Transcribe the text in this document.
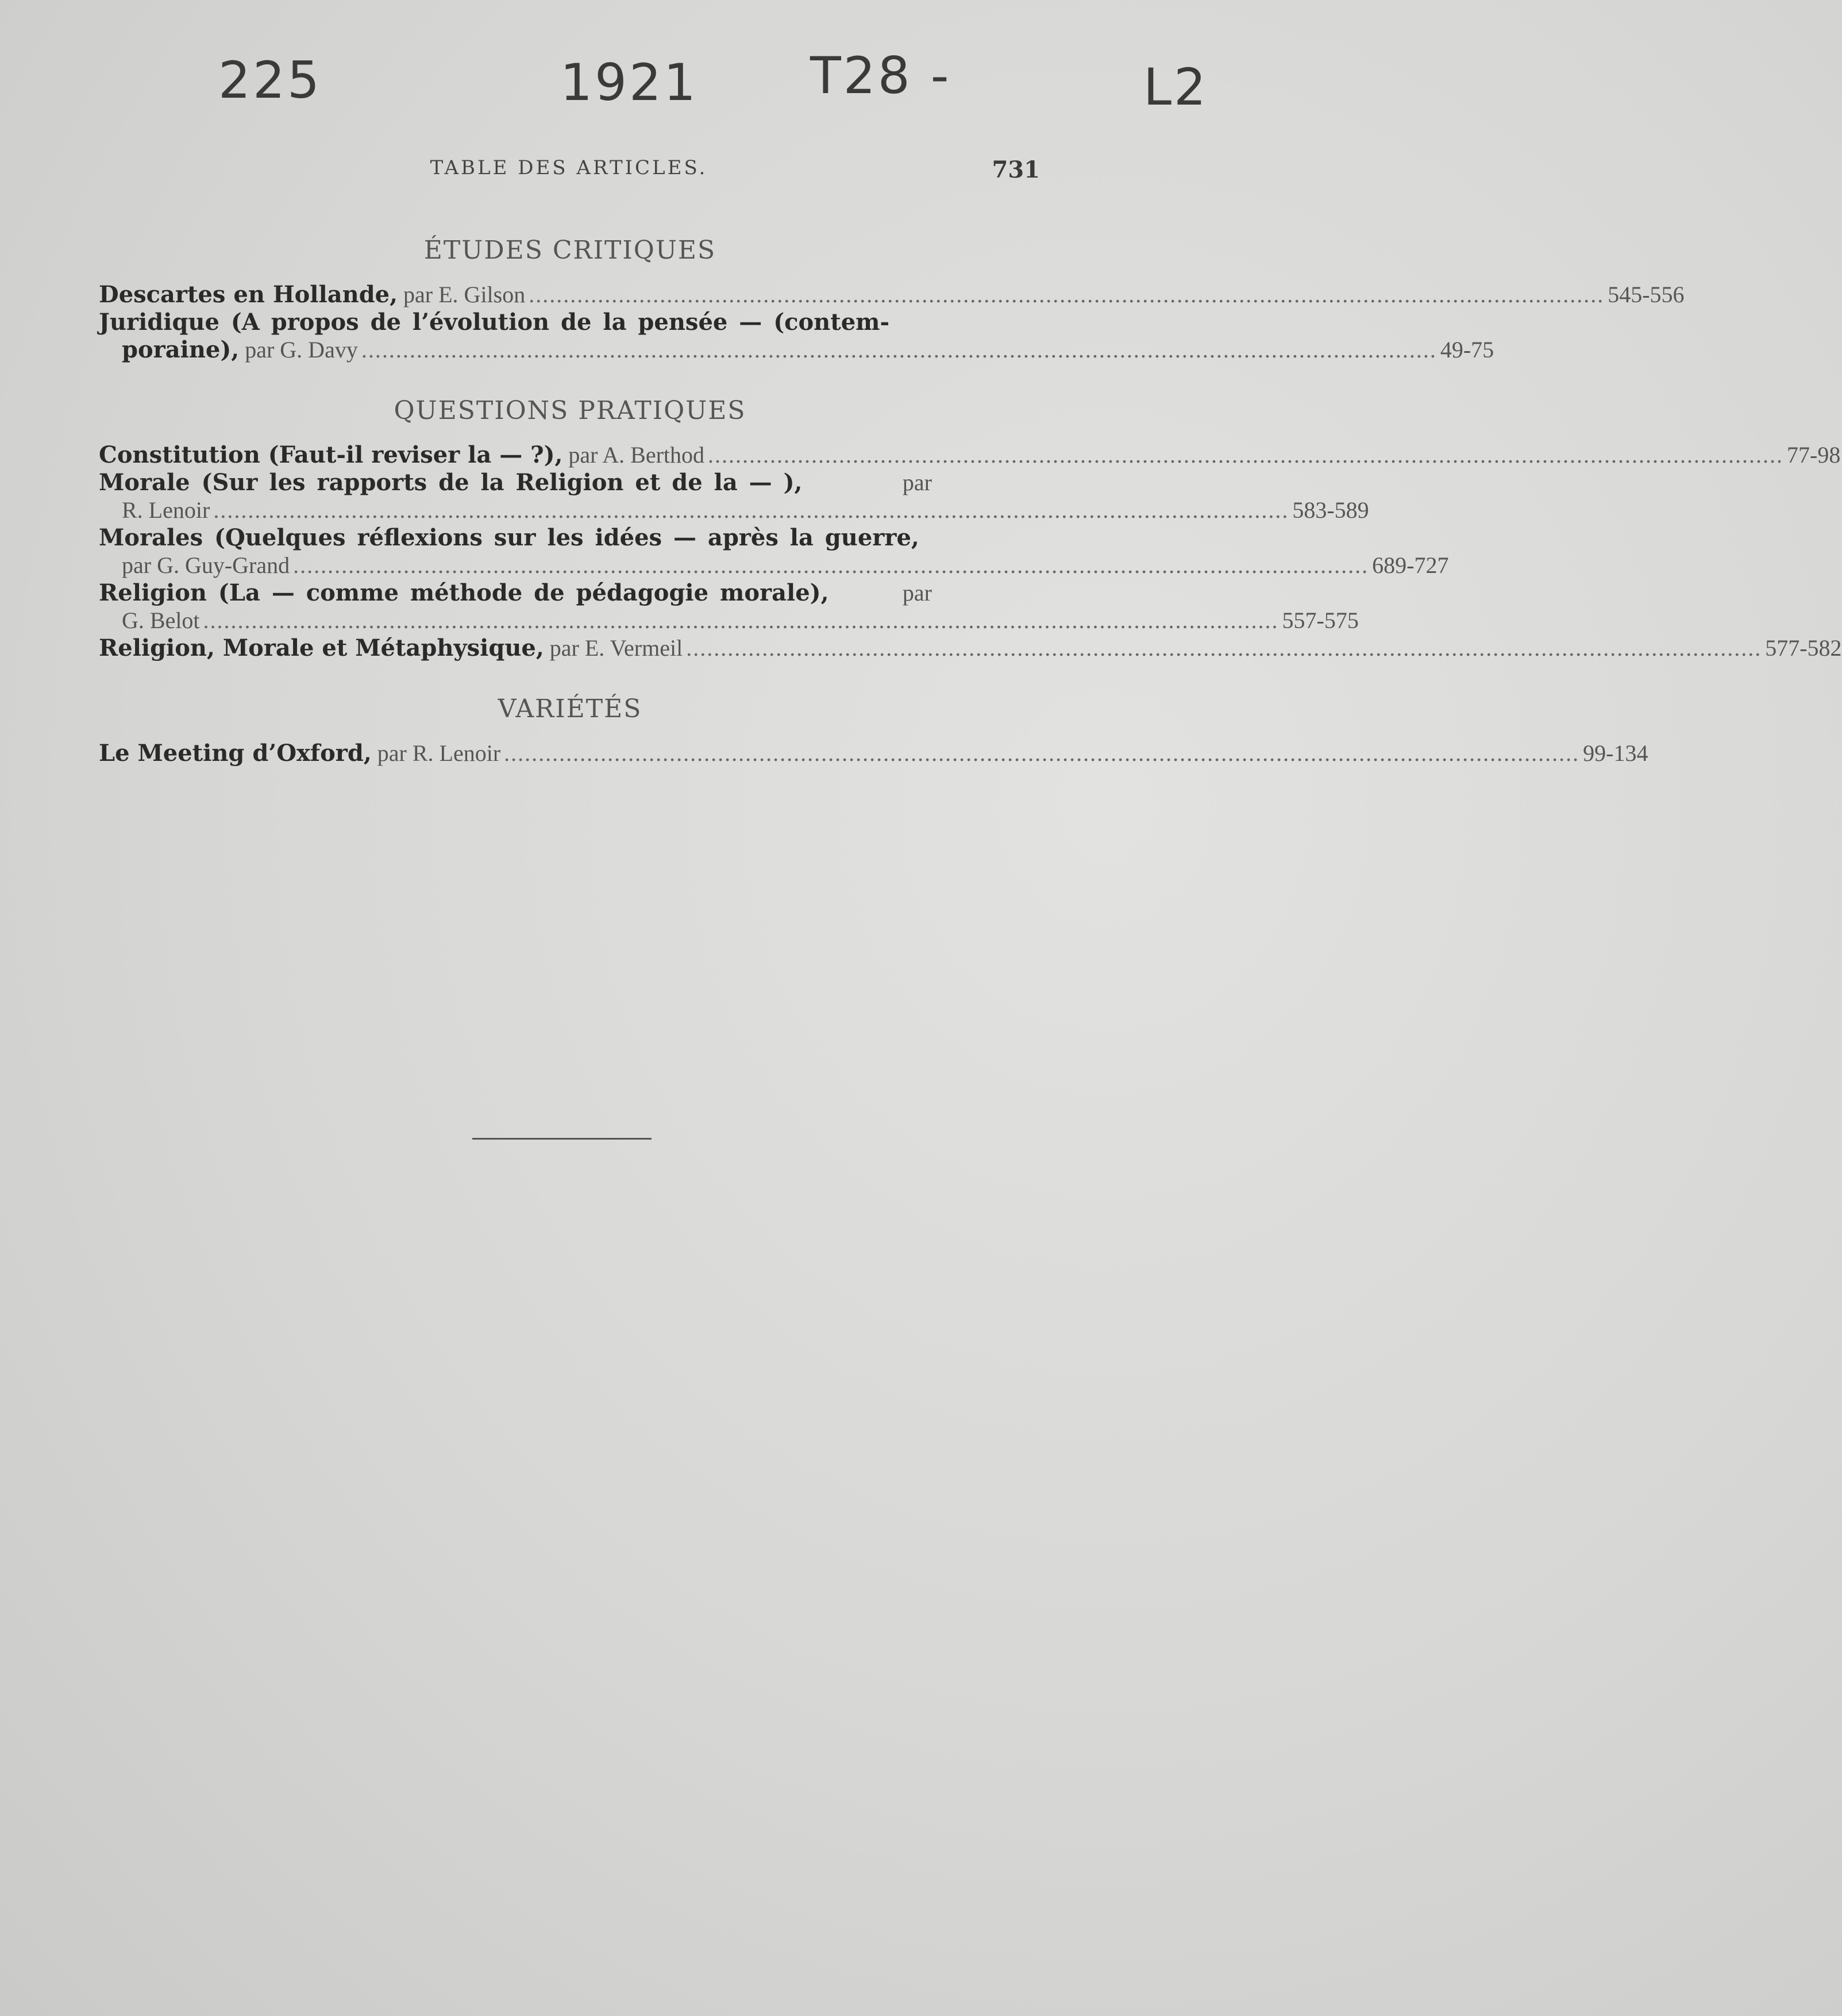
225	1921 T28 -	L2
TABLE DES ARTICLES.	731
ÉTUDES CRITIQUES
Descartes en Hollande, par E. Gilson ............................................................................................................................................................ 545-556
Juridique (A propos de l’évolution de la pensée — (contem-
poraine), par G. Davy ............................................................................................................................................................ 49-75
QUESTIONS PRATIQUES
Constitution (Faut-il reviser la — ?), par A. Berthod ............................................................................................................................................................ 77-98
Morale (Sur les rapports de la Religion et de la — ),	par
R. Lenoir ............................................................................................................................................................ 583-589
Morales (Quelques réflexions sur les idées — après la guerre,
par G. Guy-Grand ............................................................................................................................................................ 689-727
Religion (La — comme méthode de pédagogie morale),	par
G. Belot ............................................................................................................................................................ 557-575
Religion, Morale et Métaphysique, par E. Vermeil ............................................................................................................................................................ 577-582
VARIÉTÉS
Le Meeting d’Oxford, par R. Lenoir ............................................................................................................................................................ 99-134
